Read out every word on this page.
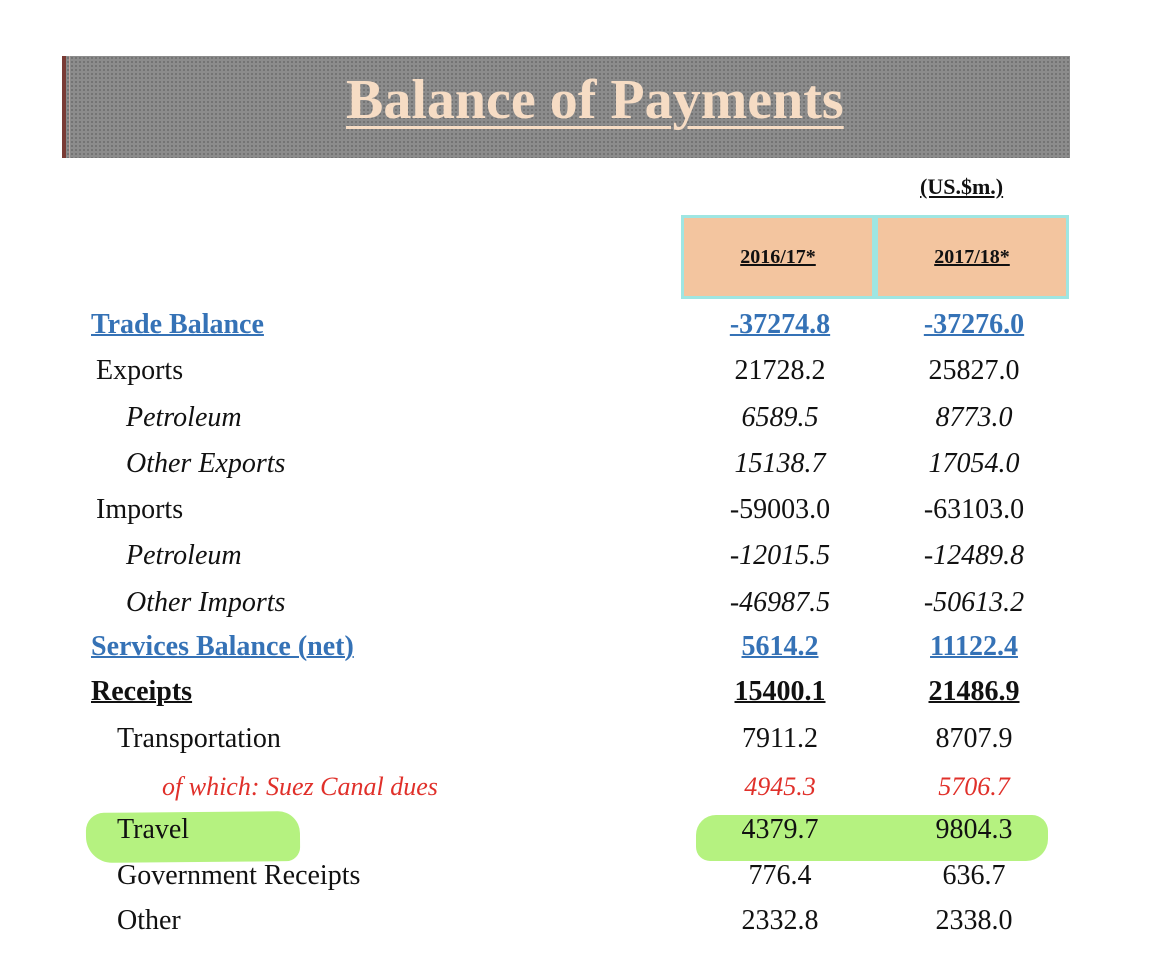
Balance of Payments
(US.$m.)
2016/17*	2017/18*
Trade Balance	-37274.8	-37276.0
Exports	21728.2	25827.0
Petroleum	6589.5	8773.0
Other Exports	15138.7	17054.0
Imports	-59003.0	-63103.0
Petroleum	-12015.5	-12489.8
Other Imports	-46987.5	-50613.2
Services Balance (net)	5614.2	11122.4
Receipts	15400.1	21486.9
Transportation	7911.2	8707.9
of which: Suez Canal dues	4945.3	5706.7
Travel	4379.7	9804.3
Government Receipts	776.4	636.7
Other	2332.8	2338.0
